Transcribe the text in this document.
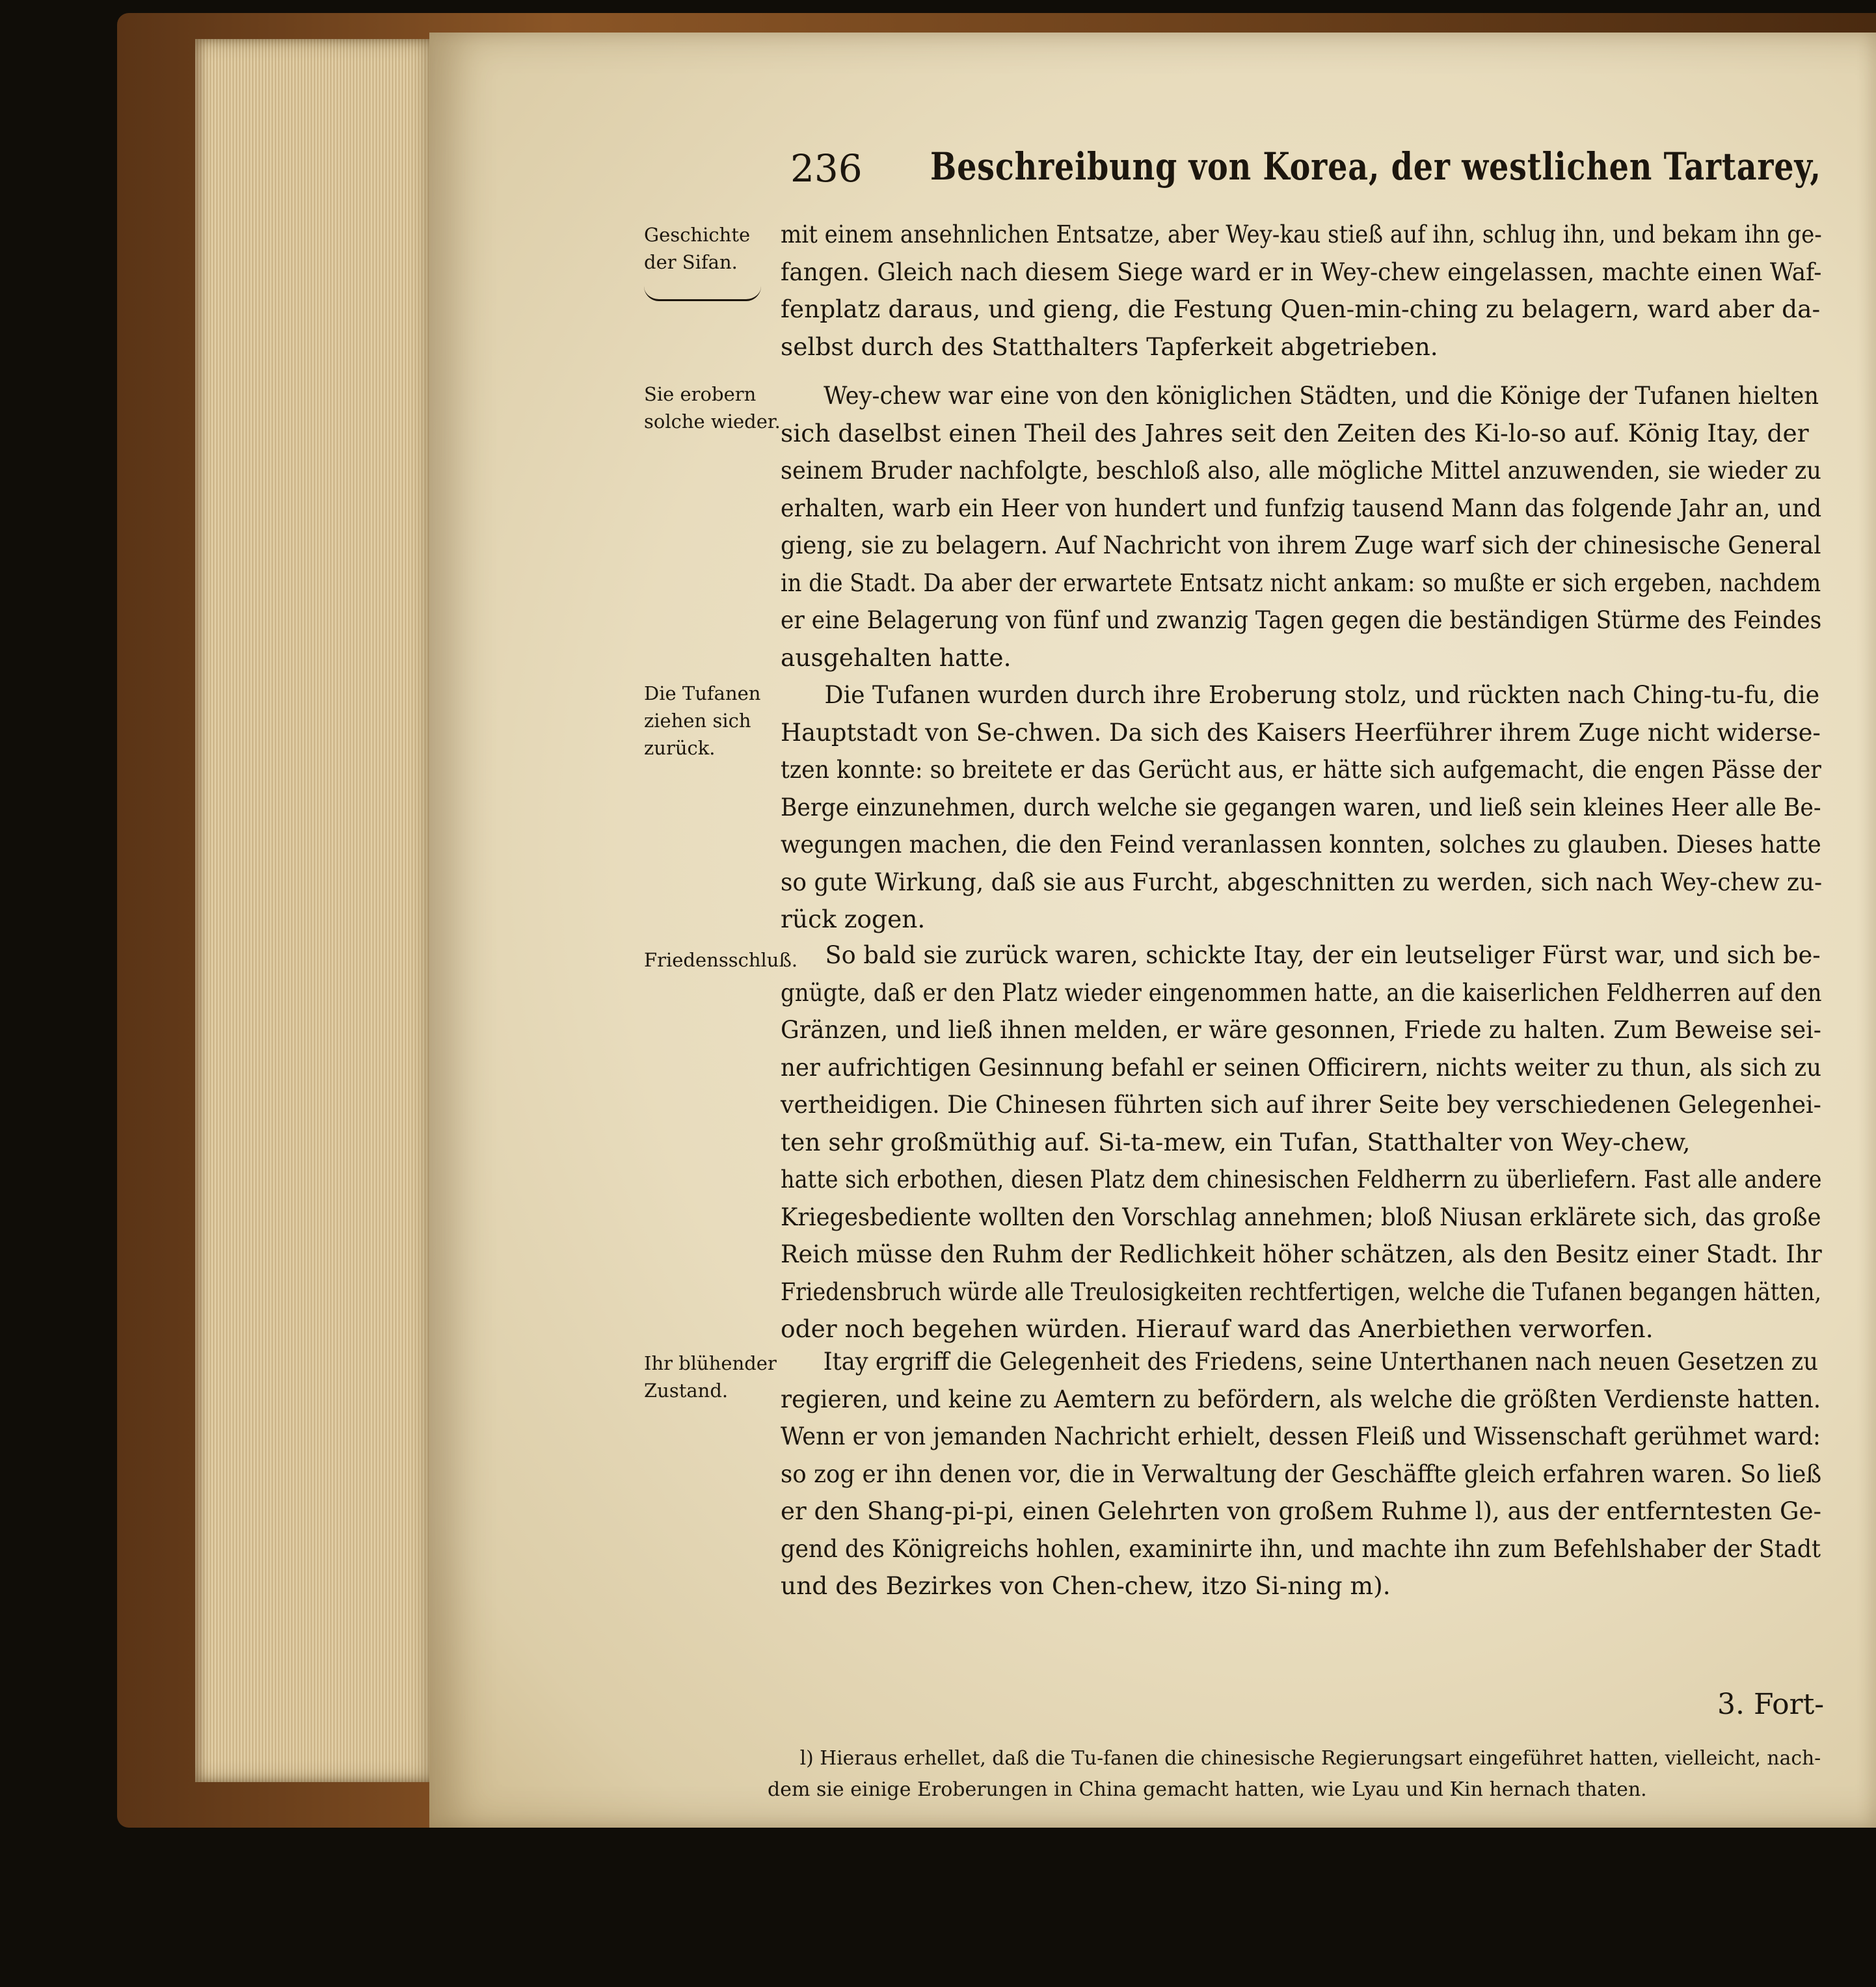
236 Beschreibung von Korea, der westlichen Tartarey,
Geschichte der Sifan.
Sie erobern solche wieder.
Die Tufanen ziehen sich zurück.
Friedensschluß.
Ihr blühender Zustand.
mit einem ansehnlichen Entsatze, aber Wey-kau stieß auf ihn, schlug ihn, und bekam ihn ge-
fangen. Gleich nach diesem Siege ward er in Wey-chew eingelassen, machte einen Waf-
fenplatz daraus, und gieng, die Festung Quen-min-ching zu belagern, ward aber da-
selbst durch des Statthalters Tapferkeit abgetrieben.
Wey-chew war eine von den königlichen Städten, und die Könige der Tufanen hielten
sich daselbst einen Theil des Jahres seit den Zeiten des Ki-lo-so auf. König Itay, der
seinem Bruder nachfolgte, beschloß also, alle mögliche Mittel anzuwenden, sie wieder zu
erhalten, warb ein Heer von hundert und funfzig tausend Mann das folgende Jahr an, und
gieng, sie zu belagern. Auf Nachricht von ihrem Zuge warf sich der chinesische General
in die Stadt. Da aber der erwartete Entsatz nicht ankam: so mußte er sich ergeben, nachdem
er eine Belagerung von fünf und zwanzig Tagen gegen die beständigen Stürme des Feindes
ausgehalten hatte.
Die Tufanen wurden durch ihre Eroberung stolz, und rückten nach Ching-tu-fu, die
Hauptstadt von Se-chwen. Da sich des Kaisers Heerführer ihrem Zuge nicht widerse-
tzen konnte: so breitete er das Gerücht aus, er hätte sich aufgemacht, die engen Pässe der
Berge einzunehmen, durch welche sie gegangen waren, und ließ sein kleines Heer alle Be-
wegungen machen, die den Feind veranlassen konnten, solches zu glauben. Dieses hatte
so gute Wirkung, daß sie aus Furcht, abgeschnitten zu werden, sich nach Wey-chew zu-
rück zogen.
So bald sie zurück waren, schickte Itay, der ein leutseliger Fürst war, und sich be-
gnügte, daß er den Platz wieder eingenommen hatte, an die kaiserlichen Feldherren auf den
Gränzen, und ließ ihnen melden, er wäre gesonnen, Friede zu halten. Zum Beweise sei-
ner aufrichtigen Gesinnung befahl er seinen Officirern, nichts weiter zu thun, als sich zu
vertheidigen. Die Chinesen führten sich auf ihrer Seite bey verschiedenen Gelegenhei-
ten sehr großmüthig auf. Si-ta-mew, ein Tufan, Statthalter von Wey-chew,
hatte sich erbothen, diesen Platz dem chinesischen Feldherrn zu überliefern. Fast alle andere
Kriegesbediente wollten den Vorschlag annehmen; bloß Niusan erklärete sich, das große
Reich müsse den Ruhm der Redlichkeit höher schätzen, als den Besitz einer Stadt. Ihr
Friedensbruch würde alle Treulosigkeiten rechtfertigen, welche die Tufanen begangen hätten,
oder noch begehen würden. Hierauf ward das Anerbiethen verworfen.
Itay ergriff die Gelegenheit des Friedens, seine Unterthanen nach neuen Gesetzen zu
regieren, und keine zu Aemtern zu befördern, als welche die größten Verdienste hatten.
Wenn er von jemanden Nachricht erhielt, dessen Fleiß und Wissenschaft gerühmet ward:
so zog er ihn denen vor, die in Verwaltung der Geschäffte gleich erfahren waren. So ließ
er den Shang-pi-pi, einen Gelehrten von großem Ruhme l), aus der entferntesten Ge-
gend des Königreichs hohlen, examinirte ihn, und machte ihn zum Befehlshaber der Stadt
und des Bezirkes von Chen-chew, itzo Si-ning m).
3. Fort-
l) Hieraus erhellet, daß die Tu-fanen die chinesische Regierungsart eingeführet hatten, vielleicht, nach-
dem sie einige Eroberungen in China gemacht hatten, wie Lyau und Kin hernach thaten.
